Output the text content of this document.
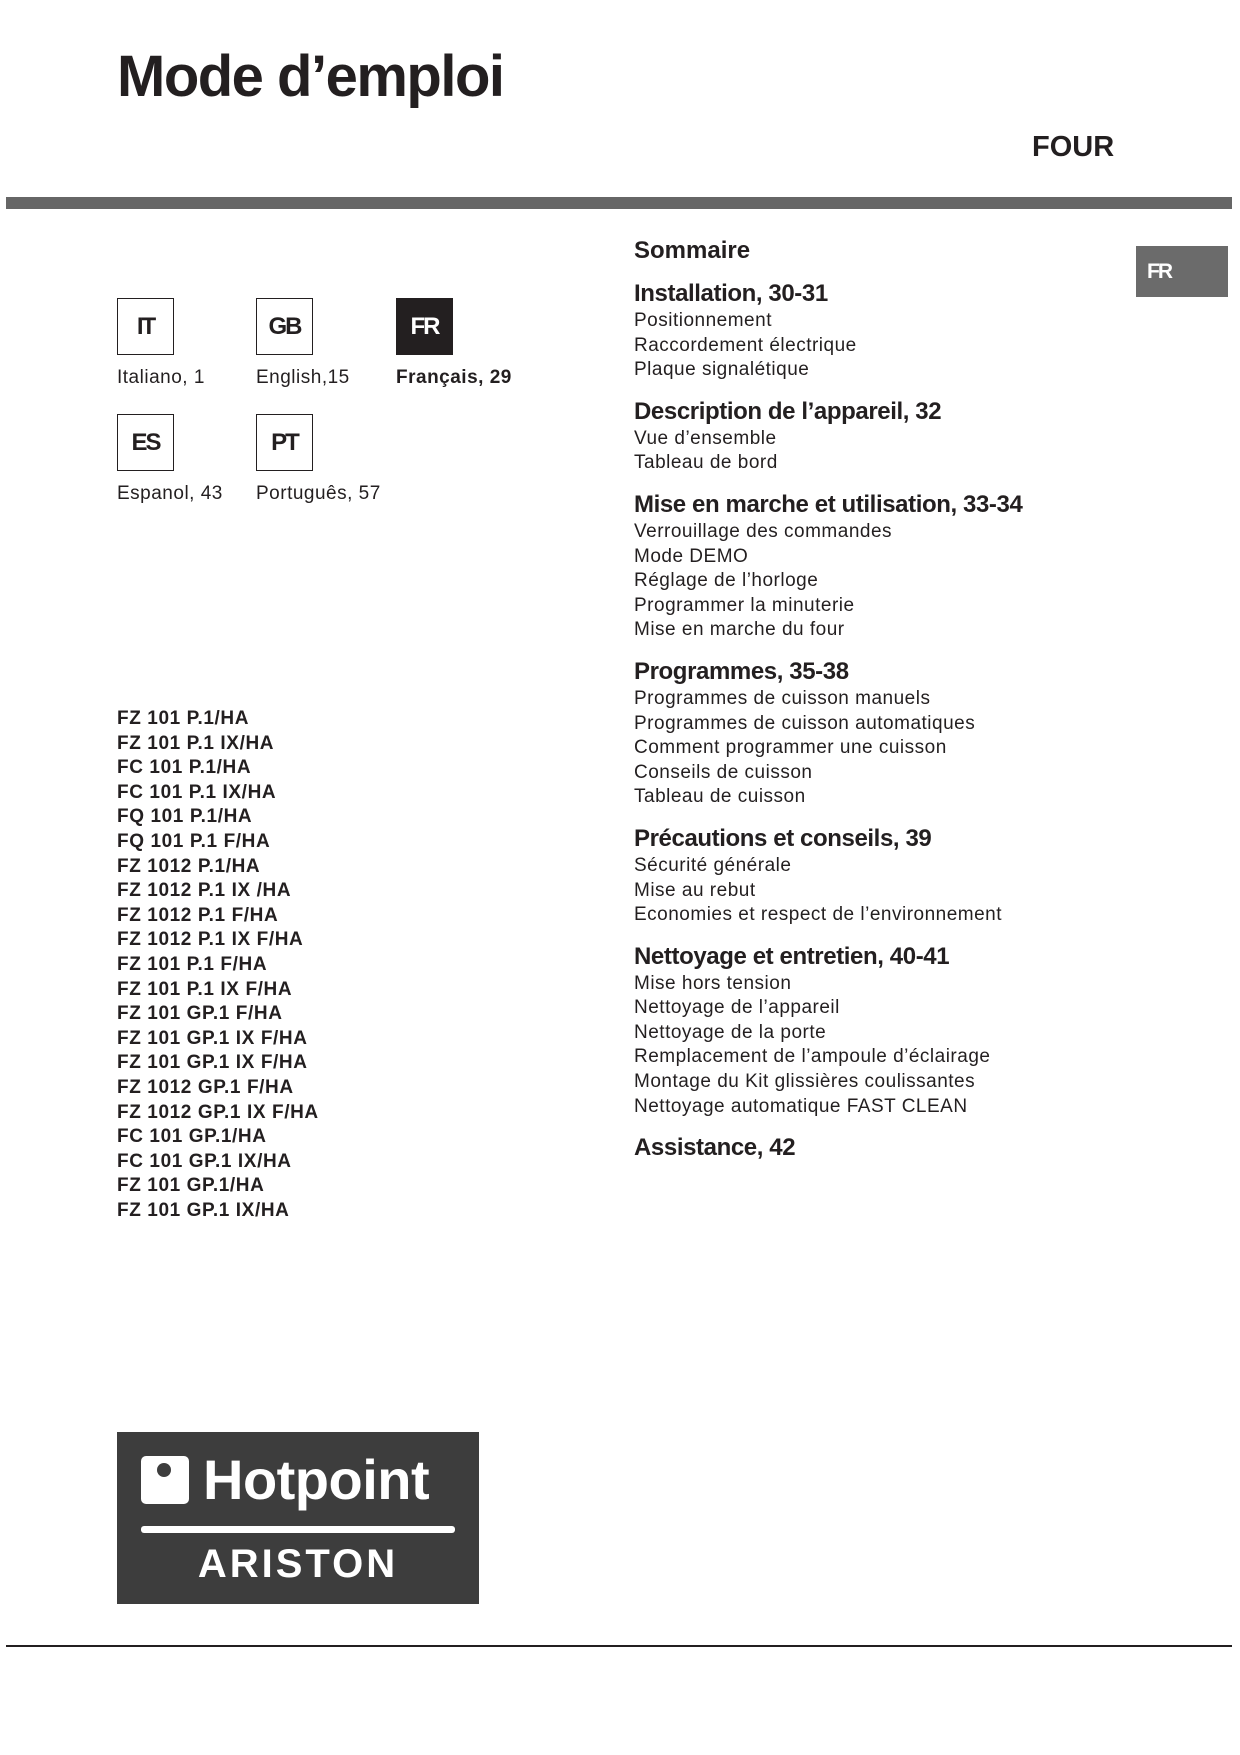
Mode d’emploi
FOUR
FR
IT
Italiano, 1
GB
English,15
FR
Français, 29
ES
Espanol, 43
PT
Português, 57
FZ 101 P.1/HA
FZ 101 P.1 IX/HA
FC 101 P.1/HA
FC 101 P.1 IX/HA
FQ 101 P.1/HA
FQ 101 P.1 F/HA
FZ 1012 P.1/HA
FZ 1012 P.1 IX /HA
FZ 1012 P.1 F/HA
FZ 1012 P.1 IX F/HA
FZ 101 P.1 F/HA
FZ 101 P.1 IX F/HA
FZ 101 GP.1 F/HA
FZ 101 GP.1 IX F/HA
FZ 101 GP.1 IX F/HA
FZ 1012 GP.1 F/HA
FZ 1012 GP.1 IX F/HA
FC 101 GP.1/HA
FC 101 GP.1 IX/HA
FZ 101 GP.1/HA
FZ 101 GP.1 IX/HA
Sommaire
Installation, 30-31
Positionnement
Raccordement électrique
Plaque signalétique
Description de l’appareil, 32
Vue d’ensemble
Tableau de bord
Mise en marche et utilisation, 33-34
Verrouillage des commandes
Mode DEMO
Réglage de l’horloge
Programmer la minuterie
Mise en marche du four
Programmes, 35-38
Programmes de cuisson manuels
Programmes de cuisson automatiques
Comment programmer une cuisson
Conseils de cuisson
Tableau de cuisson
Précautions et conseils, 39
Sécurité générale
Mise au rebut
Economies et respect de l’environnement
Nettoyage et entretien, 40-41
Mise hors tension
Nettoyage de l’appareil
Nettoyage de la porte
Remplacement de l’ampoule d’éclairage
Montage du Kit glissières coulissantes
Nettoyage automatique FAST CLEAN
Assistance, 42
Hotpoint
ARISTON
